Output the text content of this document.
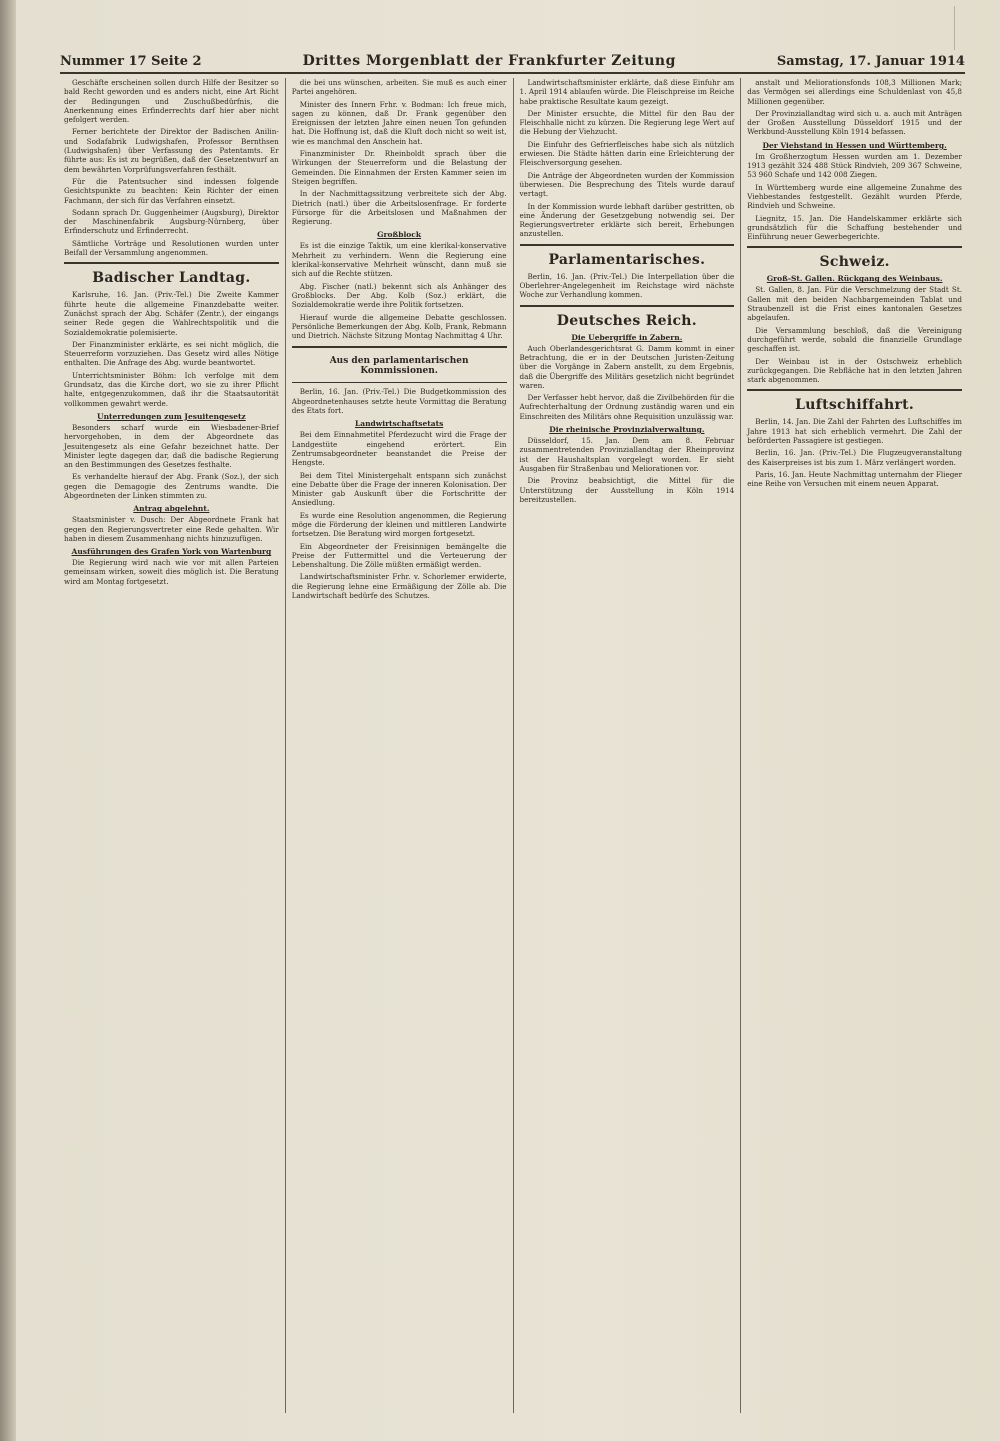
Nummer 17 Seite 2	Drittes Morgenblatt der Frankfurter Zeitung	Samstag, 17. Januar 1914

Geschäfte erscheinen sollen durch Hilfe der Besitzer so bald Recht geworden und es anders nicht, eine Art Richt der Bedingungen und Zuschußbedürfnis, die Anerkennung eines Erfinderrechts darf hier aber nicht gefolgert werden.

Ferner berichtete der Direktor der Badischen Anilin- und Sodafabrik Ludwigshafen, Professor Bernthsen (Ludwigshafen) über Verfassung des Patentamts. Er führte aus: Es ist zu begrüßen, daß der Gesetzentwurf an dem bewährten Vorprüfungsverfahren festhält.

Für die Patentsucher sind indessen folgende Gesichtspunkte zu beachten: Kein Richter der einen Fachmann, der sich für das Verfahren einsetzt.

Sodann sprach Dr. Guggenheimer (Augsburg), Direktor der Maschinenfabrik Augsburg-Nürnberg, über Erfinderschutz und Erfinderrecht.

Sämtliche Vorträge und Resolutionen wurden unter Beifall der Versammlung angenommen.

Badischer Landtag.

Karlsruhe, 16. Jan. (Priv.-Tel.) Die Zweite Kammer führte heute die allgemeine Finanzdebatte weiter. Zunächst sprach der Abg. Schäfer (Zentr.), der eingangs seiner Rede gegen die Wahlrechtspolitik und die Sozialdemokratie polemisierte.

Der Finanzminister erklärte, es sei nicht möglich, die Steuerreform vorzuziehen. Das Gesetz wird alles Nötige enthalten. Die Anfrage des Abg. wurde beantwortet.

Unterrichtsminister Böhm: Ich verfolge mit dem Grundsatz, das die Kirche dort, wo sie zu ihrer Pflicht halte, entgegenzukommen, daß ihr die Staatsautorität vollkommen gewahrt werde.

Unterredungen zum Jesuitengesetz

Besonders scharf wurde ein Wiesbadener-Brief hervorgehoben, in dem der Abgeordnete das Jesuitengesetz als eine Gefahr bezeichnet hatte. Der Minister legte dagegen dar, daß die badische Regierung an den Bestimmungen des Gesetzes festhalte.

Es verhandelte hierauf der Abg. Frank (Soz.), der sich gegen die Demagogie des Zentrums wandte. Die Abgeordneten der Linken stimmten zu.

Antrag abgelehnt.

Staatsminister v. Dusch: Der Abgeordnete Frank hat gegen den Regierungsvertreter eine Rede gehalten. Wir haben in diesem Zusammenhang nichts hinzuzufügen.

Ausführungen des Grafen York von Wartenburg

Die Regierung wird nach wie vor mit allen Parteien gemeinsam wirken, soweit dies möglich ist. Die Beratung wird am Montag fortgesetzt.

die bei uns wünschen, arbeiten. Sie muß es auch einer Partei angehören.

Minister des Innern Frhr. v. Bodman: Ich freue mich, sagen zu können, daß Dr. Frank gegenüber den Ereignissen der letzten Jahre einen neuen Ton gefunden hat. Die Hoffnung ist, daß die Kluft doch nicht so weit ist, wie es manchmal den Anschein hat.

Finanzminister Dr. Rheinboldt sprach über die Wirkungen der Steuerreform und die Belastung der Gemeinden. Die Einnahmen der Ersten Kammer seien im Steigen begriffen.

In der Nachmittagssitzung verbreitete sich der Abg. Dietrich (natl.) über die Arbeitslosenfrage. Er forderte Fürsorge für die Arbeitslosen und Maßnahmen der Regierung.

Großblock

Es ist die einzige Taktik, um eine klerikal-konservative Mehrheit zu verhindern. Wenn die Regierung eine klerikal-konservative Mehrheit wünscht, dann muß sie sich auf die Rechte stützen.

Abg. Fischer (natl.) bekennt sich als Anhänger des Großblocks. Der Abg. Kolb (Soz.) erklärt, die Sozialdemokratie werde ihre Politik fortsetzen.

Hierauf wurde die allgemeine Debatte geschlossen. Persönliche Bemerkungen der Abg. Kolb, Frank, Rebmann und Dietrich. Nächste Sitzung Montag Nachmittag 4 Uhr.

Aus den parlamentarischen Kommissionen.

Berlin, 16. Jan. (Priv.-Tel.) Die Budgetkommission des Abgeordnetenhauses setzte heute Vormittag die Beratung des Etats fort.

Landwirtschaftsetats

Bei dem Einnahmetitel Pferdezucht wird die Frage der Landgestüte eingehend erörtert. Ein Zentrumsabgeordneter beanstandet die Preise der Hengste.

Bei dem Titel Ministergehalt entspann sich zunächst eine Debatte über die Frage der inneren Kolonisation. Der Minister gab Auskunft über die Fortschritte der Ansiedlung.

Es wurde eine Resolution angenommen, die Regierung möge die Förderung der kleinen und mittleren Landwirte fortsetzen. Die Beratung wird morgen fortgesetzt.

Ein Abgeordneter der Freisinnigen bemängelte die Preise der Futtermittel und die Verteuerung der Lebenshaltung. Die Zölle müßten ermäßigt werden.

Landwirtschaftsminister Frhr. v. Schorlemer erwiderte, die Regierung lehne eine Ermäßigung der Zölle ab. Die Landwirtschaft bedürfe des Schutzes.

Landwirtschaftsminister erklärte, daß diese Einfuhr am 1. April 1914 ablaufen würde. Die Fleischpreise im Reiche habe praktische Resultate kaum gezeigt.

Der Minister ersuchte, die Mittel für den Bau der Fleischhalle nicht zu kürzen. Die Regierung lege Wert auf die Hebung der Viehzucht.

Die Einfuhr des Gefrierfleisches habe sich als nützlich erwiesen. Die Städte hätten darin eine Erleichterung der Fleischversorgung gesehen.

Die Anträge der Abgeordneten wurden der Kommission überwiesen. Die Besprechung des Titels wurde darauf vertagt.

In der Kommission wurde lebhaft darüber gestritten, ob eine Änderung der Gesetzgebung notwendig sei. Der Regierungsvertreter erklärte sich bereit, Erhebungen anzustellen.

Parlamentarisches.

Berlin, 16. Jan. (Priv.-Tel.) Die Interpellation über die Oberlehrer-Angelegenheit im Reichstage wird nächste Woche zur Verhandlung kommen.

Deutsches Reich.
Die Uebergriffe in Zabern.

Auch Oberlandesgerichtsrat G. Damm kommt in einer Betrachtung, die er in der Deutschen Juristen-Zeitung über die Vorgänge in Zabern anstellt, zu dem Ergebnis, daß die Übergriffe des Militärs gesetzlich nicht begründet waren.

Der Verfasser hebt hervor, daß die Zivilbehörden für die Aufrechterhaltung der Ordnung zuständig waren und ein Einschreiten des Militärs ohne Requisition unzulässig war.

Die rheinische Provinzialverwaltung.

Düsseldorf, 15. Jan. Dem am 8. Februar zusammentretenden Provinziallandtag der Rheinprovinz ist der Haushaltsplan vorgelegt worden. Er sieht Ausgaben für Straßenbau und Meliorationen vor.

Die Provinz beabsichtigt, die Mittel für die Unterstützung der Ausstellung in Köln 1914 bereitzustellen.

anstalt und Meliorationsfonds 108,3 Millionen Mark; das Vermögen sei allerdings eine Schuldenlast von 45,8 Millionen gegenüber.

Der Provinziallandtag wird sich u. a. auch mit Anträgen der Großen Ausstellung Düsseldorf 1915 und der Werkbund-Ausstellung Köln 1914 befassen.

Der Viehstand in Hessen und Württemberg.

Im Großherzogtum Hessen wurden am 1. Dezember 1913 gezählt 324 488 Stück Rindvieh, 209 367 Schweine, 53 960 Schafe und 142 008 Ziegen.

In Württemberg wurde eine allgemeine Zunahme des Viehbestandes festgestellt. Gezählt wurden Pferde, Rindvieh und Schweine.

Liegnitz, 15. Jan. Die Handelskammer erklärte sich grundsätzlich für die Schaffung bestehender und Einführung neuer Gewerbegerichte.

Schweiz.
Groß-St. Gallen. Rückgang des Weinbaus.

St. Gallen, 8. Jan. Für die Verschmelzung der Stadt St. Gallen mit den beiden Nachbargemeinden Tablat und Straubenzell ist die Frist eines kantonalen Gesetzes abgelaufen.

Die Versammlung beschloß, daß die Vereinigung durchgeführt werde, sobald die finanzielle Grundlage geschaffen ist.

Der Weinbau ist in der Ostschweiz erheblich zurückgegangen. Die Rebfläche hat in den letzten Jahren stark abgenommen.

Luftschiffahrt.

Berlin, 14. Jan. Die Zahl der Fahrten des Luftschiffes im Jahre 1913 hat sich erheblich vermehrt. Die Zahl der beförderten Passagiere ist gestiegen.

Berlin, 16. Jan. (Priv.-Tel.) Die Flugzeugveranstaltung des Kaiserpreises ist bis zum 1. März verlängert worden.

Paris, 16. Jan. Heute Nachmittag unternahm der Flieger eine Reihe von Versuchen mit einem neuen Apparat.
